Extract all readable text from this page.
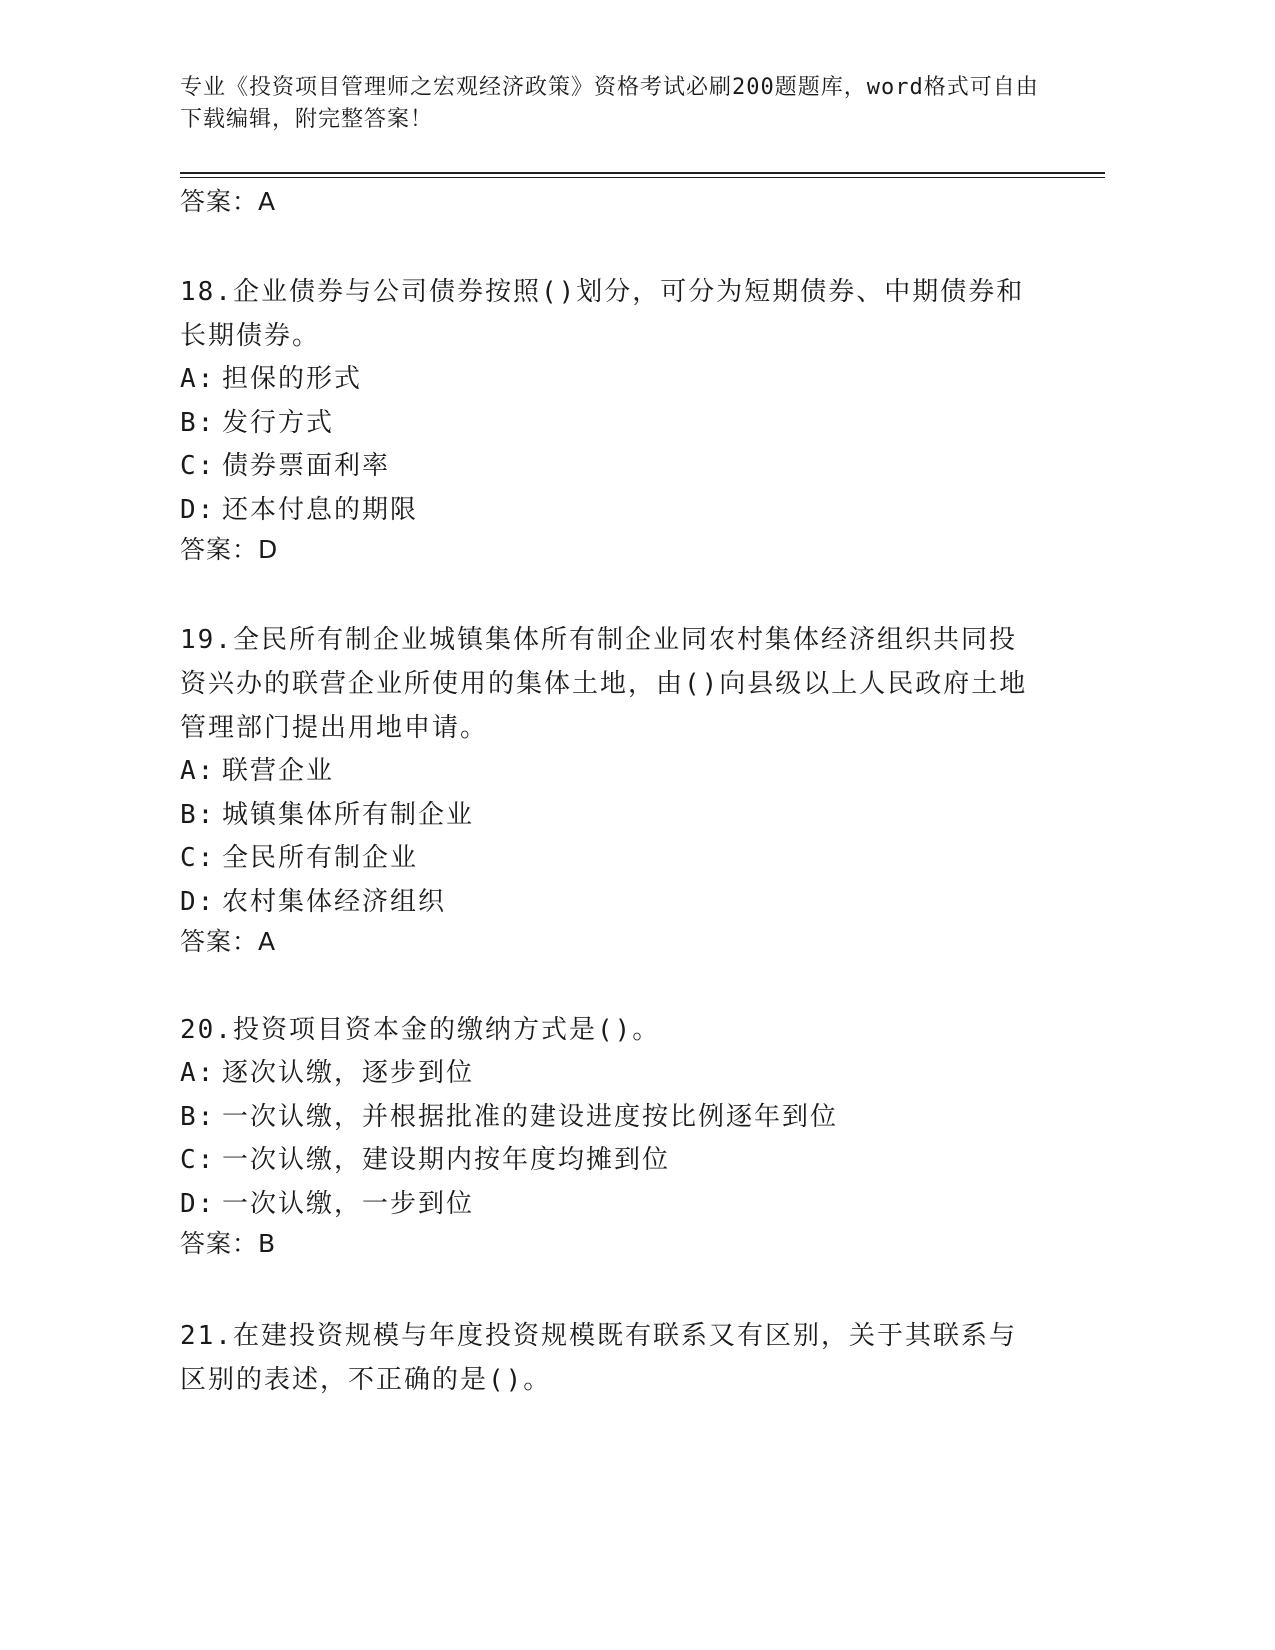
专业《投资项目管理师之宏观经济政策》资格考试必刷200题题库，word格式可自由下载编辑，附完整答案！

答案：A

18.企业债券与公司债券按照()划分，可分为短期债券、中期债券和长期债券。

A: 担保的形式

B: 发行方式

C: 债券票面利率

D: 还本付息的期限

答案：D

19.全民所有制企业城镇集体所有制企业同农村集体经济组织共同投资兴办的联营企业所使用的集体土地，由()向县级以上人民政府土地管理部门提出用地申请。

A: 联营企业

B: 城镇集体所有制企业

C: 全民所有制企业

D: 农村集体经济组织

答案：A

20.投资项目资本金的缴纳方式是()。

A: 逐次认缴，逐步到位

B: 一次认缴，并根据批准的建设进度按比例逐年到位

C: 一次认缴，建设期内按年度均摊到位

D: 一次认缴，一步到位

答案：B

21.在建投资规模与年度投资规模既有联系又有区别，关于其联系与区别的表述，不正确的是()。
